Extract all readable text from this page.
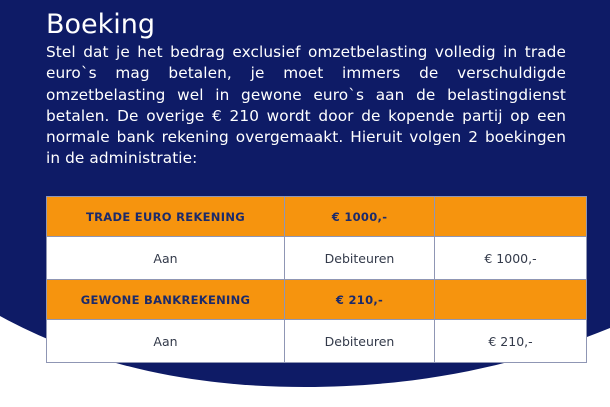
Boeking

Stel dat je het bedrag exclusief omzetbelasting volledig in trade euro`s mag betalen, je moet immers de verschuldigde omzetbelasting wel in gewone euro`s aan de belastingdienst betalen. De overige € 210 wordt door de kopende partij op een normale bank rekening overgemaakt. Hieruit volgen 2 boekingen in de administratie:

TRADE EURO REKENING	€ 1000,-	
Aan	Debiteuren	€ 1000,-
GEWONE BANKREKENING	€ 210,-	
Aan	Debiteuren	€ 210,-
